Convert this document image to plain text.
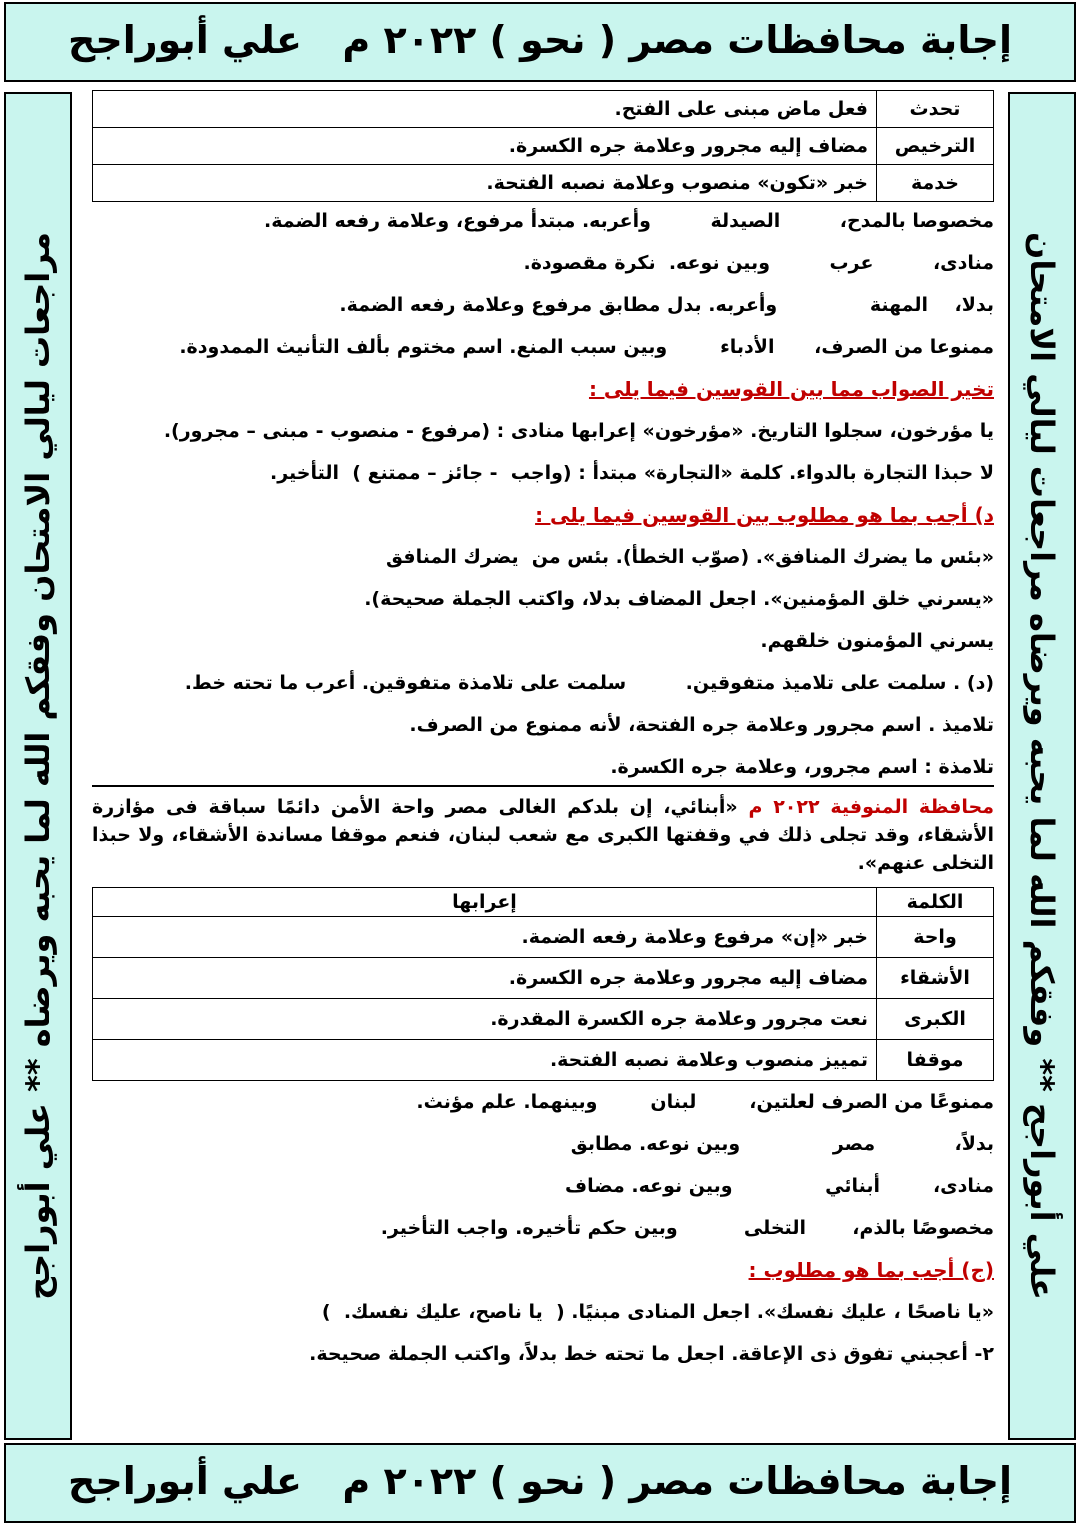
إجابة محافظات مصر ( نحو ) ٢٠٢٢ م
علي أبوراجح
مراجعات ليالي الامتحان وفقكم الله لما يحبه ويرضاه ** علي أبوراجح	علي أبوراجح ** وفقكم الله لما يحبه ويرضاه مراجعات ليالي الامتحان
تحدث	فعل ماض مبنى على الفتح.
الترخيص	مضاف إليه مجرور وعلامة جره الكسرة.
خدمة	خبر «تكون» منصوب وعلامة نصبه الفتحة.
مخصوصا بالمدح،         الصيدلة         وأعربه. مبتدأ مرفوع، وعلامة رفعه الضمة.
منادى،         عرب         وبين نوعه.  نكرة مقصودة.
بدلا،    المهنة              وأعربه. بدل مطابق مرفوع وعلامة رفعه الضمة.
ممنوعا من الصرف،      الأدباء        وبين سبب المنع. اسم مختوم بألف التأنيث الممدودة.
تخير الصواب مما بين القوسين فيما يلى :
يا مؤرخون، سجلوا التاريخ. «مؤرخون» إعرابها منادى : (مرفوع - منصوب - مبنى – مجرور).
لا حبذا التجارة بالدواء. كلمة «التجارة» مبتدأ : (واجب  - جائز – ممتنع )  التأخير.
د) أجب بما هو مطلوب بين القوسين فيما يلى :
«بئس ما يضرك المنافق». (صوّب الخطأ). بئس من  يضرك المنافق
«يسرني خلق المؤمنين». اجعل المضاف بدلا، واكتب الجملة صحيحة).
يسرني المؤمنون خلقهم.
(د) . سلمت على تلاميذ متفوقين.         سلمت على تلامذة متفوقين. أعرب ما تحته خط.
تلاميذ . اسم مجرور وعلامة جره الفتحة، لأنه ممنوع من الصرف.
تلامذة : اسم مجرور، وعلامة جره الكسرة.
محافظة المنوفية ٢٠٢٢ م «أبنائي، إن بلدكم الغالى مصر واحة الأمن دائمًا سباقة فى مؤازرة الأشقاء، وقد تجلى ذلك في وقفتها الكبرى مع شعب لبنان، فنعم موقفا مساندة الأشقاء، ولا حبذا التخلى عنهم».
الكلمة	إعرابها
واحة	خبر «إن» مرفوع وعلامة رفعه الضمة.
الأشقاء	مضاف إليه مجرور وعلامة جره الكسرة.
الكبرى	نعت مجرور وعلامة جره الكسرة المقدرة.
موقفا	تمييز منصوب وعلامة نصبه الفتحة.
ممنوعًا من الصرف لعلتين،        لبنان        وبينهما. علم مؤنث.
بدلاً،            مصر              وبين نوعه. مطابق
منادى،        أبنائي              وبين نوعه. مضاف
مخصوصًا بالذم،       التخلى          وبين حكم تأخيره. واجب التأخير.
(ج) أجب بما هو مطلوب :
«يا ناصحًا ، عليك نفسك». اجعل المنادى مبنيًا. (  يا ناصح، عليك نفسك.  )
٢- أعجبني تفوق ذى الإعاقة. اجعل ما تحته خط بدلاً، واكتب الجملة صحيحة.
إجابة محافظات مصر ( نحو ) ٢٠٢٢ م
علي أبوراجح
